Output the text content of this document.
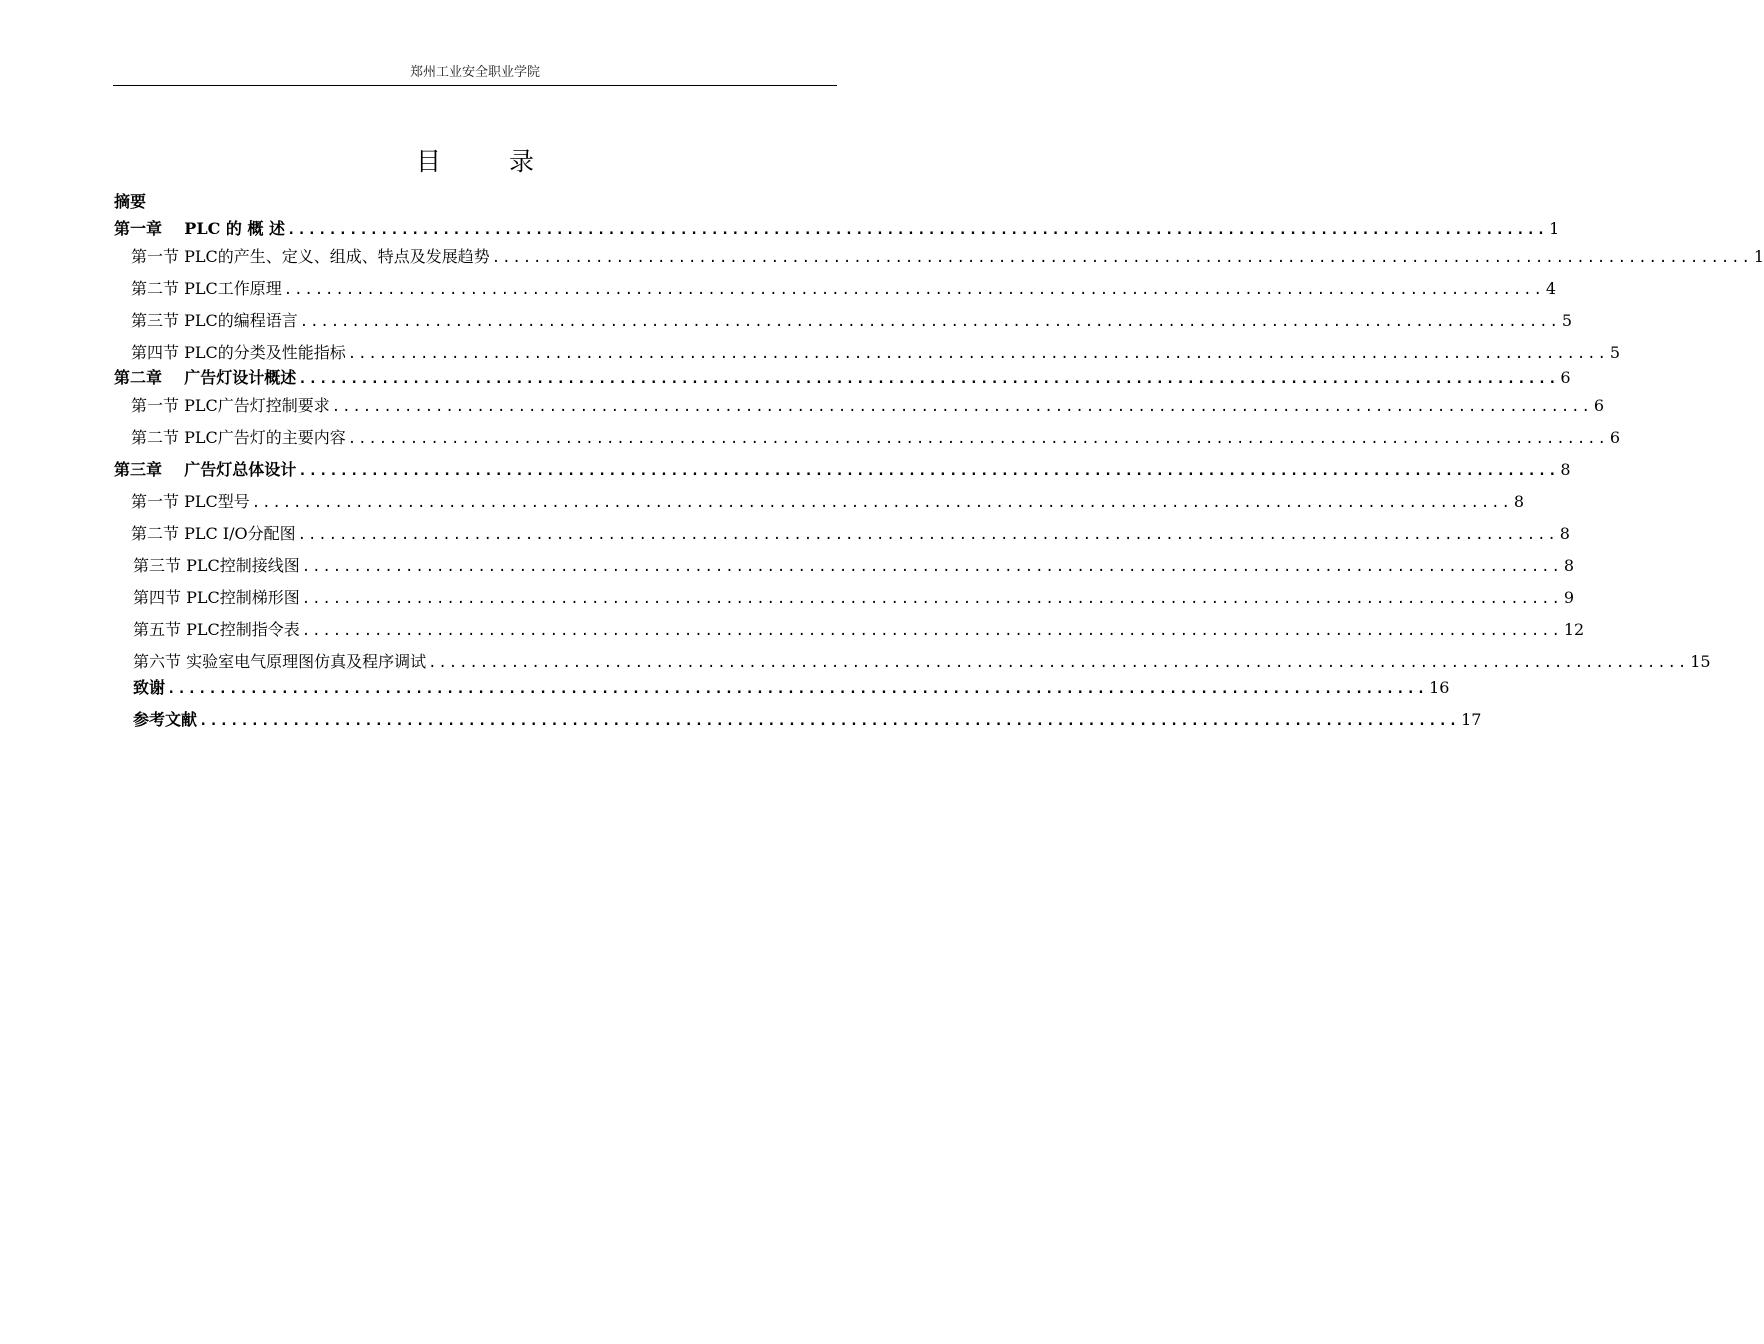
郑州工业安全职业学院
目 录
摘要
第一章    PLC 的 概 述 .......................................................................................................................... 1
第一节 PLC的产生、定义、组成、特点及发展趋势 .......................................................................................................................... 1
第二节 PLC工作原理 .......................................................................................................................... 4
第三节 PLC的编程语言 .......................................................................................................................... 5
第四节 PLC的分类及性能指标 .......................................................................................................................... 5
第二章    广告灯设计概述 .......................................................................................................................... 6
第一节 PLC广告灯控制要求 .......................................................................................................................... 6
第二节 PLC广告灯的主要内容 .......................................................................................................................... 6
第三章    广告灯总体设计 .......................................................................................................................... 8
第一节 PLC型号 .......................................................................................................................... 8
第二节 PLC I/O分配图 .......................................................................................................................... 8
第三节 PLC控制接线图 .......................................................................................................................... 8
第四节 PLC控制梯形图 .......................................................................................................................... 9
第五节 PLC控制指令表 .......................................................................................................................... 12
第六节 实验室电气原理图仿真及程序调试 .......................................................................................................................... 15
致谢 .......................................................................................................................... 16
参考文献 .......................................................................................................................... 17
